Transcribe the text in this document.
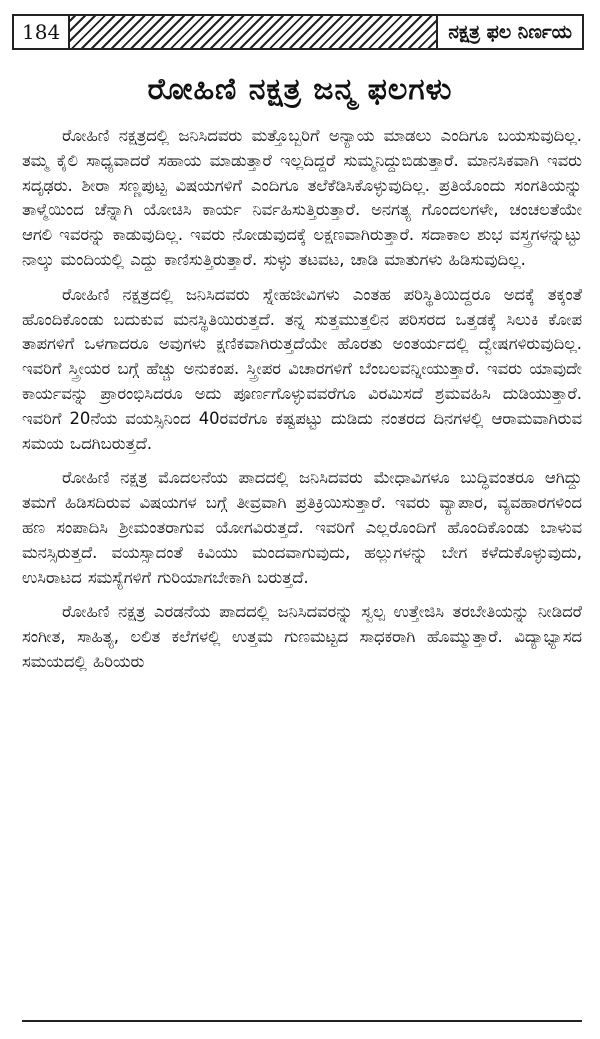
184	ನಕ್ಷತ್ರ ಫಲ ನಿರ್ಣಯ
ರೋಹಿಣಿ ನಕ್ಷತ್ರ ಜನ್ಮ ಫಲಗಳು

ರೋಹಿಣಿ ನಕ್ಷತ್ರದಲ್ಲಿ ಜನಿಸಿದವರು ಮತ್ತೊಬ್ಬರಿಗೆ ಅನ್ಯಾಯ ಮಾಡಲು ಎಂದಿಗೂ ಬಯಸುವುದಿಲ್ಲ. ತಮ್ಮ ಕೈಲಿ ಸಾಧ್ಯವಾದರೆ ಸಹಾಯ ಮಾಡುತ್ತಾರೆ ಇಲ್ಲದಿದ್ದರೆ ಸುಮ್ಮನಿದ್ದುಬಿಡುತ್ತಾರೆ. ಮಾನಸಿಕವಾಗಿ ಇವರು ಸದೃಢರು. ಶೀರಾ ಸಣ್ಣಪುಟ್ಟ ವಿಷಯಗಳಿಗೆ ಎಂದಿಗೂ ತಲೆಕೆಡಿಸಿಕೊಳ್ಳುವುದಿಲ್ಲ. ಪ್ರತಿಯೊಂದು ಸಂಗತಿಯನ್ನು ತಾಳ್ಮೆಯಿಂದ ಚೆನ್ನಾಗಿ ಯೋಚಿಸಿ ಕಾರ್ಯ ನಿರ್ವಹಿಸುತ್ತಿರುತ್ತಾರೆ. ಅನಗತ್ಯ ಗೊಂದಲಗಳೇ, ಚಂಚಲತೆಯೇ ಆಗಲಿ ಇವರನ್ನು ಕಾಡುವುದಿಲ್ಲ. ಇವರು ನೋಡುವುದಕ್ಕೆ ಲಕ್ಷಣವಾಗಿರುತ್ತಾರೆ. ಸದಾಕಾಲ ಶುಭ ವಸ್ತ್ರಗಳನ್ನುಟ್ಟು ನಾಲ್ಕು ಮಂದಿಯಲ್ಲಿ ಎದ್ದು ಕಾಣಿಸುತ್ತಿರುತ್ತಾರೆ. ಸುಳ್ಳು ತಟವಟ, ಚಾಡಿ ಮಾತುಗಳು ಹಿಡಿಸುವುದಿಲ್ಲ.

ರೋಹಿಣಿ ನಕ್ಷತ್ರದಲ್ಲಿ ಜನಿಸಿದವರು ಸ್ನೇಹಜೀವಿಗಳು ಎಂತಹ ಪರಿಸ್ಥಿತಿಯಿದ್ದರೂ ಅದಕ್ಕೆ ತಕ್ಕಂತೆ ಹೊಂದಿಕೊಂಡು ಬದುಕುವ ಮನಸ್ಥಿತಿಯಿರುತ್ತದೆ. ತನ್ನ ಸುತ್ತಮುತ್ತಲಿನ ಪರಿಸರದ ಒತ್ತಡಕ್ಕೆ ಸಿಲುಕಿ ಕೋಪ ತಾಪಗಳಿಗೆ ಒಳಗಾದರೂ ಅವುಗಳು ಕ್ಷಣಿಕವಾಗಿರುತ್ತದೆಯೇ ಹೊರತು ಅಂತರ್ಯದಲ್ಲಿ ದ್ವೇಷಗಳಿರುವುದಿಲ್ಲ. ಇವರಿಗೆ ಸ್ತ್ರೀಯರ ಬಗ್ಗೆ ಹೆಚ್ಚು ಅನುಕಂಪ. ಸ್ತ್ರೀಪರ ವಿಚಾರಗಳಿಗೆ ಬೆಂಬಲವನ್ನೀಯುತ್ತಾರೆ. ಇವರು ಯಾವುದೇ ಕಾರ್ಯವನ್ನು ಪ್ರಾರಂಭಿಸಿದರೂ ಅದು ಪೂರ್ಣಗೊಳ್ಳುವವರೆಗೂ ವಿರಮಿಸದೆ ಶ್ರಮವಹಿಸಿ ದುಡಿಯುತ್ತಾರೆ. ಇವರಿಗೆ 20ನೆಯ ವಯಸ್ಸಿನಿಂದ 40ರವರೆಗೂ ಕಷ್ಟಪಟ್ಟು ದುಡಿದು ನಂತರದ ದಿನಗಳಲ್ಲಿ ಆರಾಮವಾಗಿರುವ ಸಮಯ ಒದಗಿಬರುತ್ತದೆ.

ರೋಹಿಣಿ ನಕ್ಷತ್ರ ಮೊದಲನೆಯ ಪಾದದಲ್ಲಿ ಜನಿಸಿದವರು ಮೇಧಾವಿಗಳೂ ಬುದ್ಧಿವಂತರೂ ಆಗಿದ್ದು ತಮಗೆ ಹಿಡಿಸದಿರುವ ವಿಷಯಗಳ ಬಗ್ಗೆ ತೀವ್ರವಾಗಿ ಪ್ರತಿಕ್ರಿಯಿಸುತ್ತಾರೆ. ಇವರು ವ್ಯಾಪಾರ, ವ್ಯವಹಾರಗಳಿಂದ ಹಣ ಸಂಪಾದಿಸಿ ಶ್ರೀಮಂತರಾಗುವ ಯೋಗವಿರುತ್ತದೆ. ಇವರಿಗೆ ಎಲ್ಲರೊಂದಿಗೆ ಹೊಂದಿಕೊಂಡು ಬಾಳುವ ಮನಸ್ಸಿರುತ್ತದೆ. ವಯಸ್ಸಾದಂತೆ ಕಿವಿಯು ಮಂದವಾಗುವುದು, ಹಲ್ಲುಗಳನ್ನು ಬೇಗ ಕಳೆದುಕೊಳ್ಳುವುದು, ಉಸಿರಾಟದ ಸಮಸ್ಯೆಗಳಿಗೆ ಗುರಿಯಾಗಬೇಕಾಗಿ ಬರುತ್ತದೆ.

ರೋಹಿಣಿ ನಕ್ಷತ್ರ ಎರಡನೆಯ ಪಾದದಲ್ಲಿ ಜನಿಸಿದವರನ್ನು ಸ್ವಲ್ಪ ಉತ್ತೇಜಿಸಿ ತರಬೇತಿಯನ್ನು ನೀಡಿದರೆ ಸಂಗೀತ, ಸಾಹಿತ್ಯ, ಲಲಿತ ಕಲೆಗಳಲ್ಲಿ ಉತ್ತಮ ಗುಣಮಟ್ಟದ ಸಾಧಕರಾಗಿ ಹೊಮ್ಮುತ್ತಾರೆ. ವಿದ್ಯಾಭ್ಯಾಸದ ಸಮಯದಲ್ಲಿ ಹಿರಿಯರು
